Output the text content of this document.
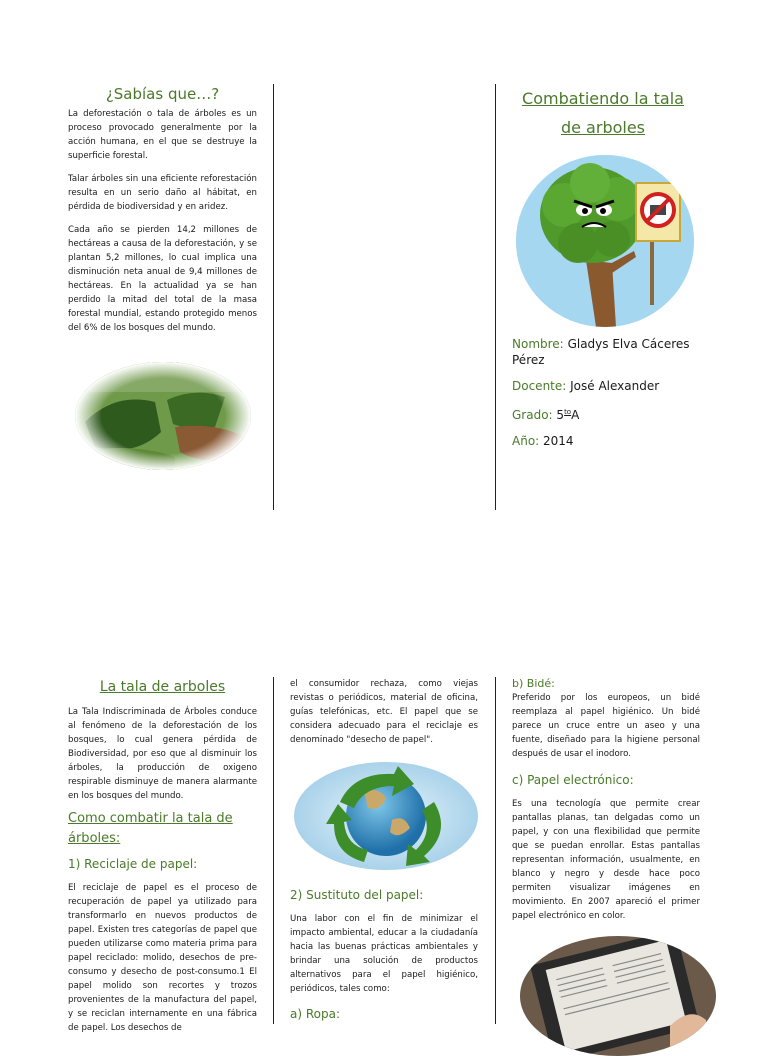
¿Sabías que…?

La deforestación o tala de árboles es un proceso provocado generalmente por la acción humana, en el que se destruye la superficie forestal.

Talar árboles sin una eficiente reforestación resulta en un serio daño al hábitat, en pérdida de biodiversidad y en aridez.

Cada año se pierden 14,2 millones de hectáreas a causa de la deforestación, y se plantan 5,2 millones, lo cual implica una disminución neta anual de 9,4 millones de hectáreas. En la actualidad ya se han perdido la mitad del total de la masa forestal mundial, estando protegido menos del 6% de los bosques del mundo.

Combatiendo la tala
de arboles
Nombre: Gladys Elva Cáceres
Pérez
Docente: José Alexander
Grado: $5^{to}A$
Año: 2014
La tala de arboles

La Tala Indiscriminada de Árboles conduce al fenómeno de la deforestación de los bosques, lo cual genera pérdida de Biodiversidad, por eso que al disminuir los árboles, la producción de oxigeno respirable disminuye de manera alarmante en los bosques del mundo.

Como combatir la tala de
árboles:
1) Reciclaje de papel:

El reciclaje de papel es el proceso de recuperación de papel ya utilizado para transformarlo en nuevos productos de papel. Existen tres categorías de papel que pueden utilizarse como materia prima para papel reciclado: molido, desechos de pre-consumo y desecho de post-consumo.1 El papel molido son recortes y trozos provenientes de la manufactura del papel, y se reciclan internamente en una fábrica de papel. Los desechos de

el consumidor rechaza, como viejas revistas o periódicos, material de oficina, guías telefónicas, etc. El papel que se considera adecuado para el reciclaje es denominado "desecho de papel".

2) Sustituto del papel:

Una labor con el fin de minimizar el impacto ambiental, educar a la ciudadanía hacia las buenas prácticas ambientales y brindar una solución de productos alternativos para el papel higiénico, periódicos, tales como:

a) Ropa:
b) Bidé:

Preferido por los europeos, un bidé reemplaza al papel higiénico. Un bidé parece un cruce entre un aseo y una fuente, diseñado para la higiene personal después de usar el inodoro.

c) Papel electrónico:

Es una tecnología que permite crear pantallas planas, tan delgadas como un papel, y con una flexibilidad que permite que se puedan enrollar. Estas pantallas representan información, usualmente, en blanco y negro y desde hace poco permiten visualizar imágenes en movimiento. En 2007 apareció el primer papel electrónico en color.
